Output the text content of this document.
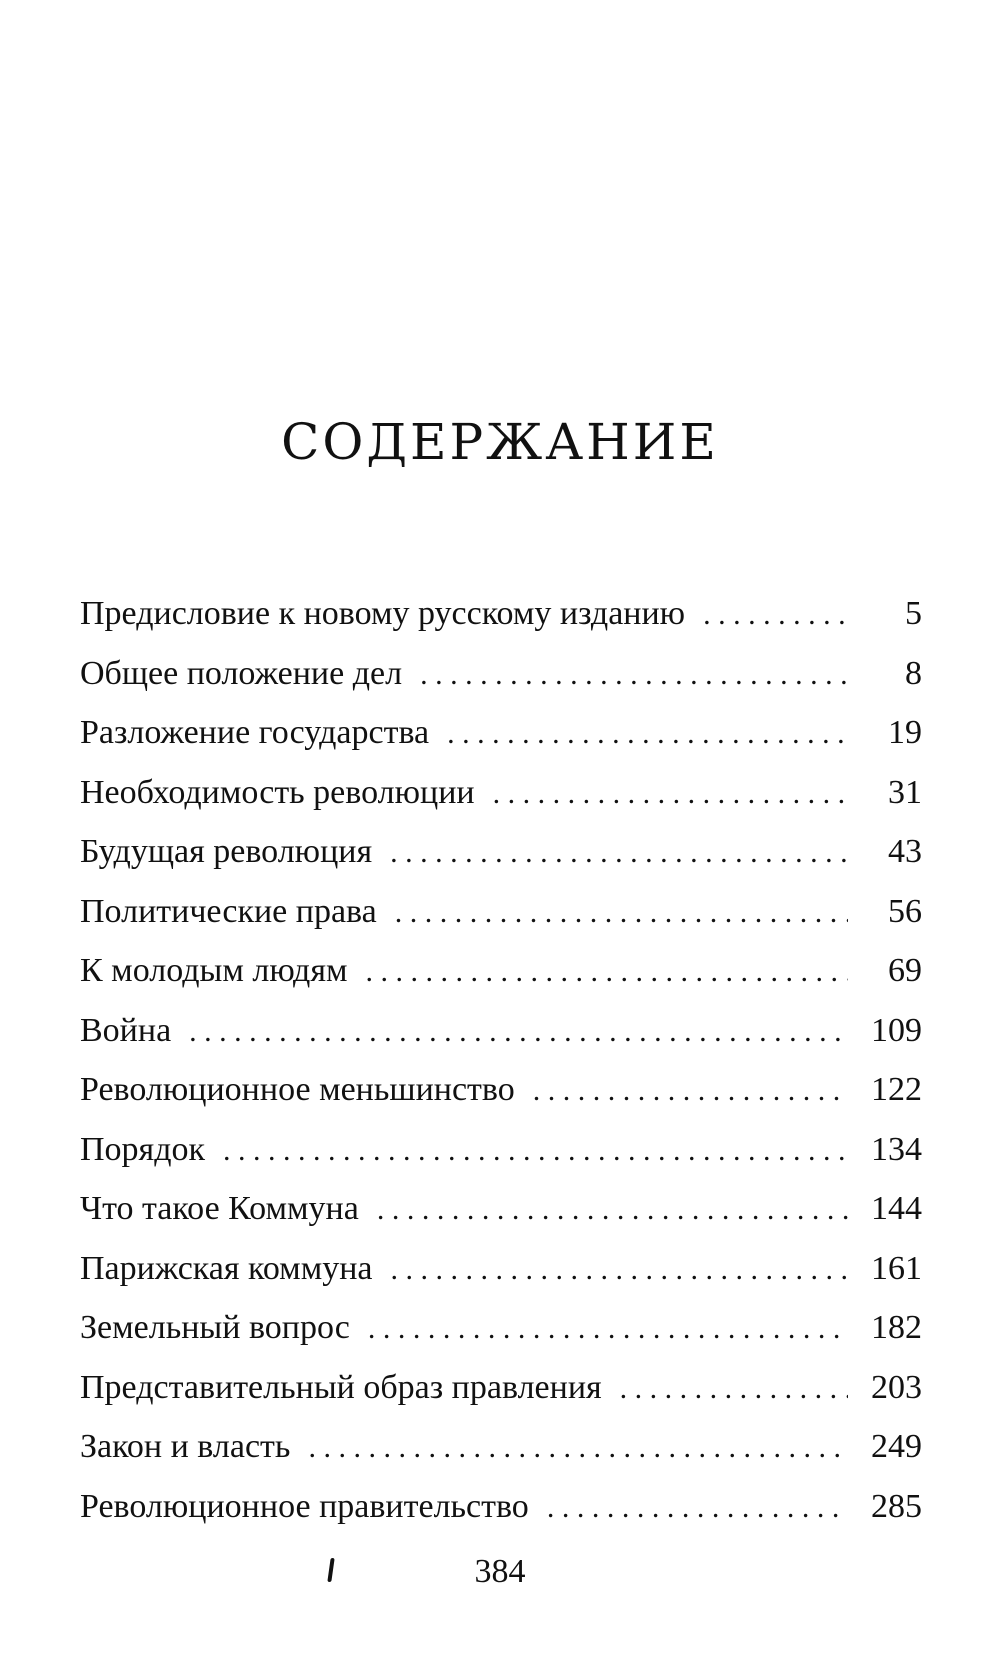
СОДЕРЖАНИЕ
Предисловие к новому русскому изданию . . .	5
Общее положение дел . . .	8
Разложение государства . . .	19
Необходимость революции . . .	31
Будущая революция . . .	43
Политические права . . .	56
К молодым людям . . .	69
Война . . .	109
Революционное меньшинство . . .	122
Порядок . . .	134
Что такое Коммуна . . .	144
Парижская коммуна . . .	161
Земельный вопрос . . .	182
Представительный образ правления . . .	203
Закон и власть . . .	249
Революционное правительство . . .	285
384
